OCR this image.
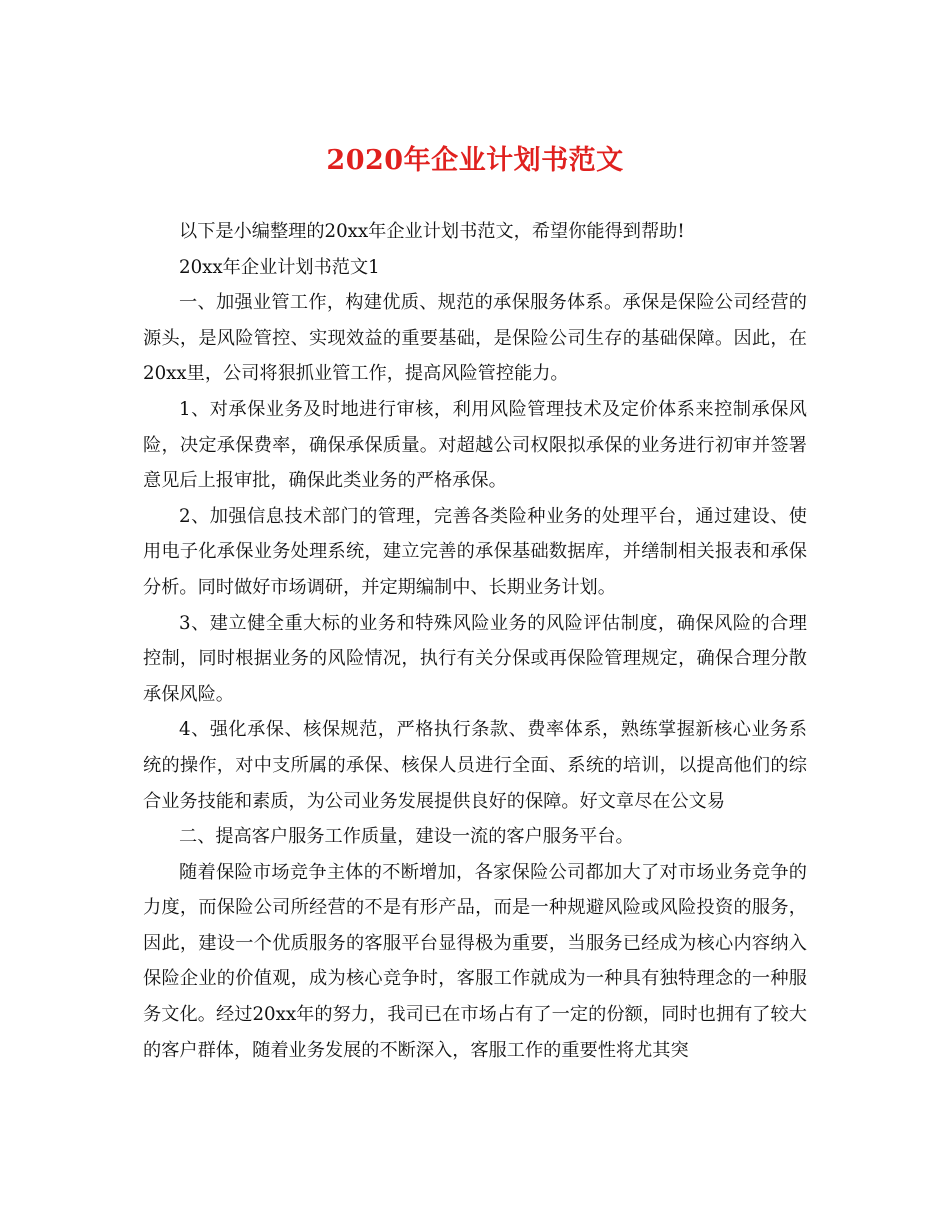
2020年企业计划书范文

以下是小编整理的20xx年企业计划书范文，希望你能得到帮助!

20xx年企业计划书范文1

一、加强业管工作，构建优质、规范的承保服务体系。承保是保险公司经营的源头，是风险管控、实现效益的重要基础，是保险公司生存的基础保障。因此，在20xx里，公司将狠抓业管工作，提高风险管控能力。

1、对承保业务及时地进行审核，利用风险管理技术及定价体系来控制承保风险，决定承保费率，确保承保质量。对超越公司权限拟承保的业务进行初审并签署意见后上报审批，确保此类业务的严格承保。

2、加强信息技术部门的管理，完善各类险种业务的处理平台，通过建设、使用电子化承保业务处理系统，建立完善的承保基础数据库，并缮制相关报表和承保分析。同时做好市场调研，并定期编制中、长期业务计划。

3、建立健全重大标的业务和特殊风险业务的风险评估制度，确保风险的合理控制，同时根据业务的风险情况，执行有关分保或再保险管理规定，确保合理分散承保风险。

4、强化承保、核保规范，严格执行条款、费率体系，熟练掌握新核心业务系统的操作，对中支所属的承保、核保人员进行全面、系统的培训，以提高他们的综合业务技能和素质，为公司业务发展提供良好的保障。好文章尽在公文易

二、提高客户服务工作质量，建设一流的客户服务平台。

随着保险市场竞争主体的不断增加，各家保险公司都加大了对市场业务竞争的力度，而保险公司所经营的不是有形产品，而是一种规避风险或风险投资的服务，因此，建设一个优质服务的客服平台显得极为重要，当服务已经成为核心内容纳入保险企业的价值观，成为核心竞争时，客服工作就成为一种具有独特理念的一种服务文化。经过20xx年的努力，我司已在市场占有了一定的份额，同时也拥有了较大的客户群体，随着业务发展的不断深入，客服工作的重要性将尤其突
